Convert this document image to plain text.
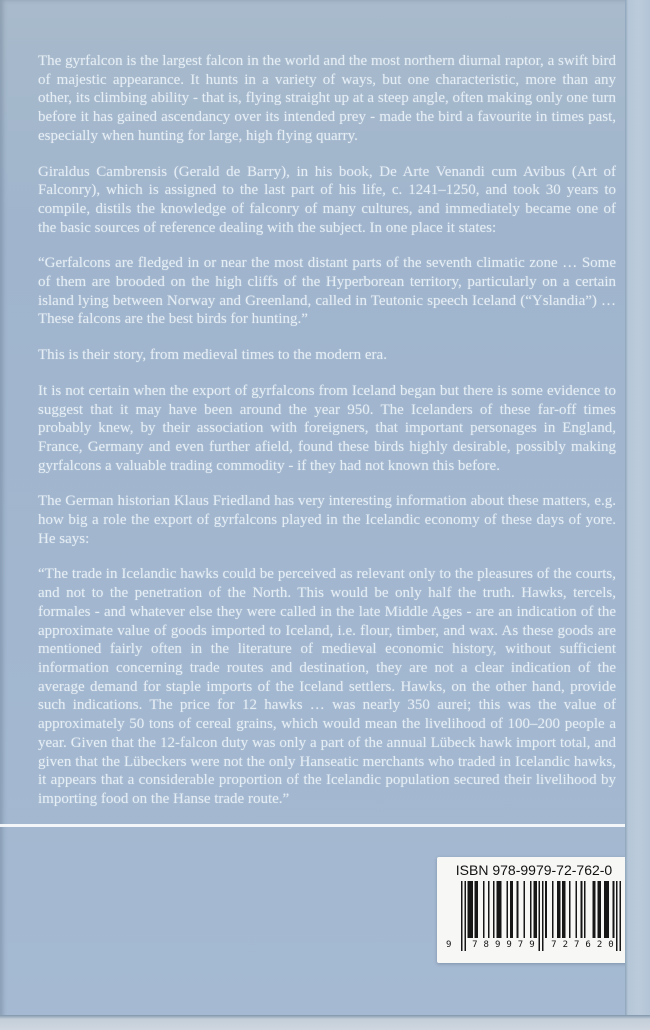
The gyrfalcon is the largest falcon in the world and the most northern diurnal raptor, a swift bird of majestic appearance. It hunts in a variety of ways, but one characteristic, more than any other, its climbing ability - that is, flying straight up at a steep angle, often making only one turn before it has gained ascendancy over its intended prey - made the bird a favourite in times past, especially when hunting for large, high flying quarry.

Giraldus Cambrensis (Gerald de Barry), in his book, De Arte Venandi cum Avibus (Art of Falconry), which is assigned to the last part of his life, c. 1241–1250, and took 30 years to compile, distils the knowledge of falconry of many cultures, and immediately became one of the basic sources of reference dealing with the subject. In one place it states:

“Gerfalcons are fledged in or near the most distant parts of the seventh climatic zone … Some of them are brooded on the high cliffs of the Hyperborean territory, particularly on a certain island lying between Norway and Greenland, called in Teutonic speech Iceland (“Yslandia”) … These falcons are the best birds for hunting.”

This is their story, from medieval times to the modern era.

It is not certain when the export of gyrfalcons from Iceland began but there is some evidence to suggest that it may have been around the year 950. The Icelanders of these far-off times probably knew, by their association with foreigners, that important personages in England, France, Germany and even further afield, found these birds highly desirable, possibly making gyrfalcons a valuable trading commodity - if they had not known this before.

The German historian Klaus Friedland has very interesting information about these matters, e.g. how big a role the export of gyrfalcons played in the Icelandic economy of these days of yore. He says:

“The trade in Icelandic hawks could be perceived as relevant only to the pleasures of the courts, and not to the penetration of the North. This would be only half the truth. Hawks, tercels, formales - and whatever else they were called in the late Middle Ages - are an indication of the approximate value of goods imported to Iceland, i.e. flour, timber, and wax. As these goods are mentioned fairly often in the literature of medieval economic history, without sufficient information concerning trade routes and destination, they are not a clear indication of the average demand for staple imports of the Iceland settlers. Hawks, on the other hand, provide such indications. The price for 12 hawks … was nearly 350 aurei; this was the value of approximately 50 tons of cereal grains, which would mean the livelihood of 100–200 people a year. Given that the 12-falcon duty was only a part of the annual Lübeck hawk import total, and given that the Lübeckers were not the only Hanseatic merchants who traded in Icelandic hawks, it appears that a considerable proportion of the Icelandic population secured their livelihood by importing food on the Hanse trade route.”

ISBN 978-9979-72-762-0
9	789979	727620
